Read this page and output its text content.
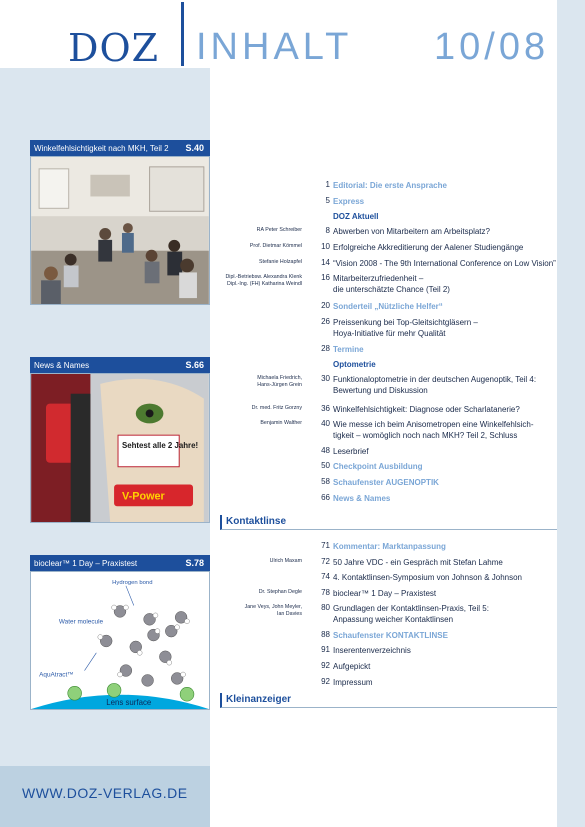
DOZ INHALT 10/08
Winkelfehlsichtigkeit nach MKH, Teil 2 S.40
News & Names	S.66
Sehtest alle 2 Jahre!
V-Power
bioclear™ 1 Day – Praxistest	S.78
Hydrogen bond
Water molecule
AquAtract™
Lens surface
1 Editorial: Die erste Ansprache
5 Express
DOZ Aktuell
RA Peter Schreiber	8 Abwerben von Mitarbeitern am Arbeitsplatz?
Prof. Dietmar Kömmel	10 Erfolgreiche Akkreditierung der Aalener Studiengänge
Stefanie Holzapfel	14 “Vision 2008 - The 9th International Conference on Low Vision”
Dipl.-Betriebsw. Alexandra Klenk
Dipl.-Ing. (FH) Katharina Weindl
16 Mitarbeiterzufriedenheit –
die unterschätzte Chance (Teil 2)
20 Sonderteil „Nützliche Helfer“
26 Preissenkung bei Top-Gleitsichtgläsern –
Hoya-Initiative für mehr Qualität
28 Termine
Optometrie
Michaela Friedrich,
Hans-Jürgen Grein
30 Funktionaloptometrie in der deutschen Augenoptik, Teil 4:
Bewertung und Diskussion
Dr. med. Fritz Gorzny	36 Winkelfehlsichtigkeit: Diagnose oder Scharlatanerie?
Benjamin Walther	40 Wie messe ich beim Anisometropen eine Winkelfehlsich-
tigkeit – womöglich noch nach MKH? Teil 2, Schluss
48 Leserbrief
50 Checkpoint Ausbildung
58 Schaufenster AUGENOPTIK
66 News & Names
71 Kommentar: Marktanpassung
Ulrich Maxam	72 50 Jahre VDC - ein Gespräch mit Stefan Lahme
74 4. Kontaktlinsen-Symposium von Johnson & Johnson
Dr. Stephan Degle	78 bioclear™ 1 Day – Praxistest
Jane Veys, John Meyler,
Ian Davies
80 Grundlagen der Kontaktlinsen-Praxis, Teil 5:
Anpassung weicher Kontaktlinsen
88 Schaufenster KONTAKTLINSE
91 Inserentenverzeichnis
92 Aufgepickt
92 Impressum
Kontaktlinse
Kleinanzeiger
WWW.DOZ-VERLAG.DE
